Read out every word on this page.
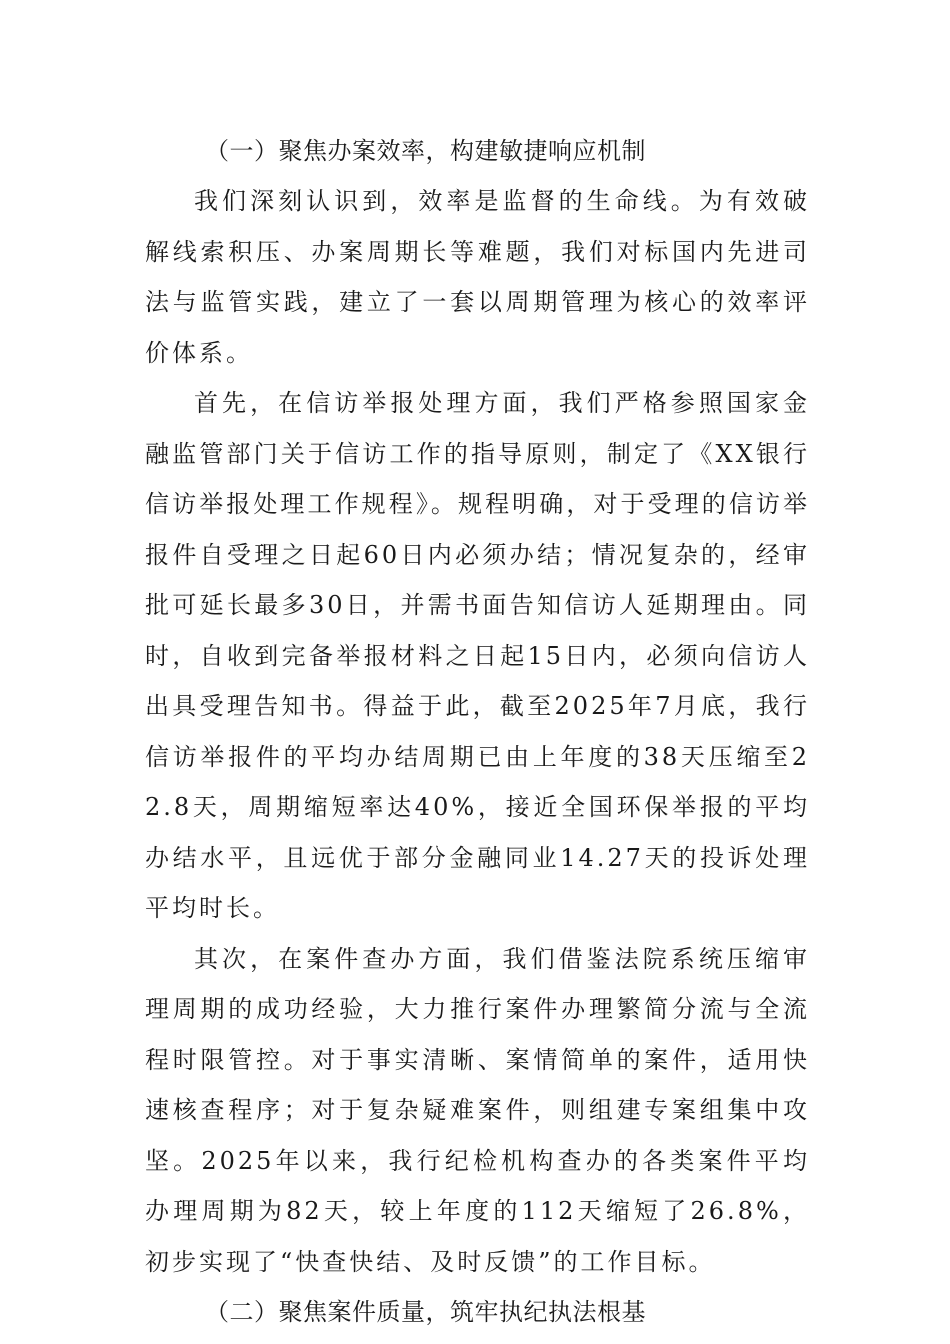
（一）聚焦办案效率，构建敏捷响应机制

我们深刻认识到，效率是监督的生命线。为有效破解线索积压、办案周期长等难题，我们对标国内先进司法与监管实践，建立了一套以周期管理为核心的效率评价体系。

首先，在信访举报处理方面，我们严格参照国家金融监管部门关于信访工作的指导原则，制定了《XX银行信访举报处理工作规程》。规程明确，对于受理的信访举报件自受理之日起60日内必须办结；情况复杂的，经审批可延长最多30日，并需书面告知信访人延期理由。同时，自收到完备举报材料之日起15日内，必须向信访人出具受理告知书。得益于此，截至2025年7月底，我行信访举报件的平均办结周期已由上年度的38天压缩至22.8天，周期缩短率达40%，接近全国环保举报的平均办结水平，且远优于部分金融同业14.27天的投诉处理平均时长。

其次，在案件查办方面，我们借鉴法院系统压缩审理周期的成功经验，大力推行案件办理繁简分流与全流程时限管控。对于事实清晰、案情简单的案件，适用快速核查程序；对于复杂疑难案件，则组建专案组集中攻坚。2025年以来，我行纪检机构查办的各类案件平均办理周期为82天，较上年度的112天缩短了26.8%，初步实现了“快查快结、及时反馈”的工作目标。

（二）聚焦案件质量，筑牢执纪执法根基
